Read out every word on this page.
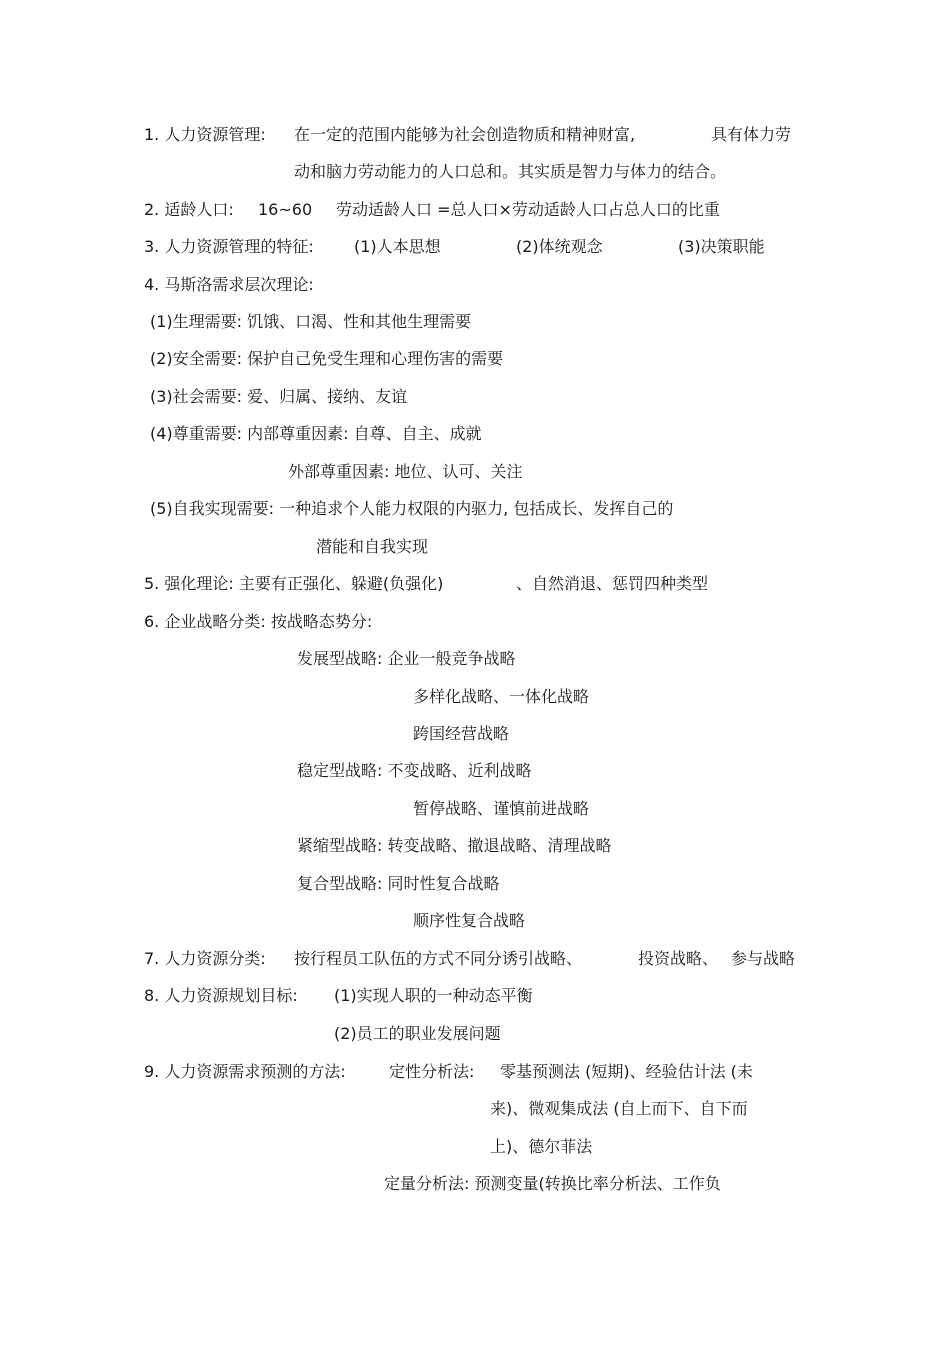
1. 人力资源管理: 在一定的范围内能够为社会创造物质和精神财富,	具有体力劳
动和脑力劳动能力的人口总和。其实质是智力与体力的结合。
2. 适龄人口: 16~60 劳动适龄人口 =总人口×劳动适龄人口占总人口的比重
3. 人力资源管理的特征:	(1)人本思想	(2)体统观念	(3)决策职能
4. 马斯洛需求层次理论:
(1)生理需要: 饥饿、口渴、性和其他生理需要
(2)安全需要: 保护自己免受生理和心理伤害的需要
(3)社会需要: 爱、归属、接纳、友谊
(4)尊重需要: 内部尊重因素: 自尊、自主、成就
外部尊重因素: 地位、认可、关注
(5)自我实现需要: 一种追求个人能力权限的内驱力, 包括成长、发挥自己的
潜能和自我实现
5. 强化理论: 主要有正强化、躲避(负强化)	、自然消退、惩罚四种类型
6. 企业战略分类: 按战略态势分:
发展型战略: 企业一般竞争战略
多样化战略、一体化战略
跨国经营战略
稳定型战略: 不变战略、近利战略
暂停战略、谨慎前进战略
紧缩型战略: 转变战略、撤退战略、清理战略
复合型战略: 同时性复合战略
顺序性复合战略
7. 人力资源分类: 按行程员工队伍的方式不同分诱引战略、	投资战略、 参与战略
8. 人力资源规划目标: (1)实现人职的一种动态平衡
(2)员工的职业发展问题
9. 人力资源需求预测的方法:	定性分析法: 零基预测法 (短期)、经验估计法 (未
来)、微观集成法 (自上而下、自下而
上)、德尔菲法
定量分析法: 预测变量(转换比率分析法、工作负
